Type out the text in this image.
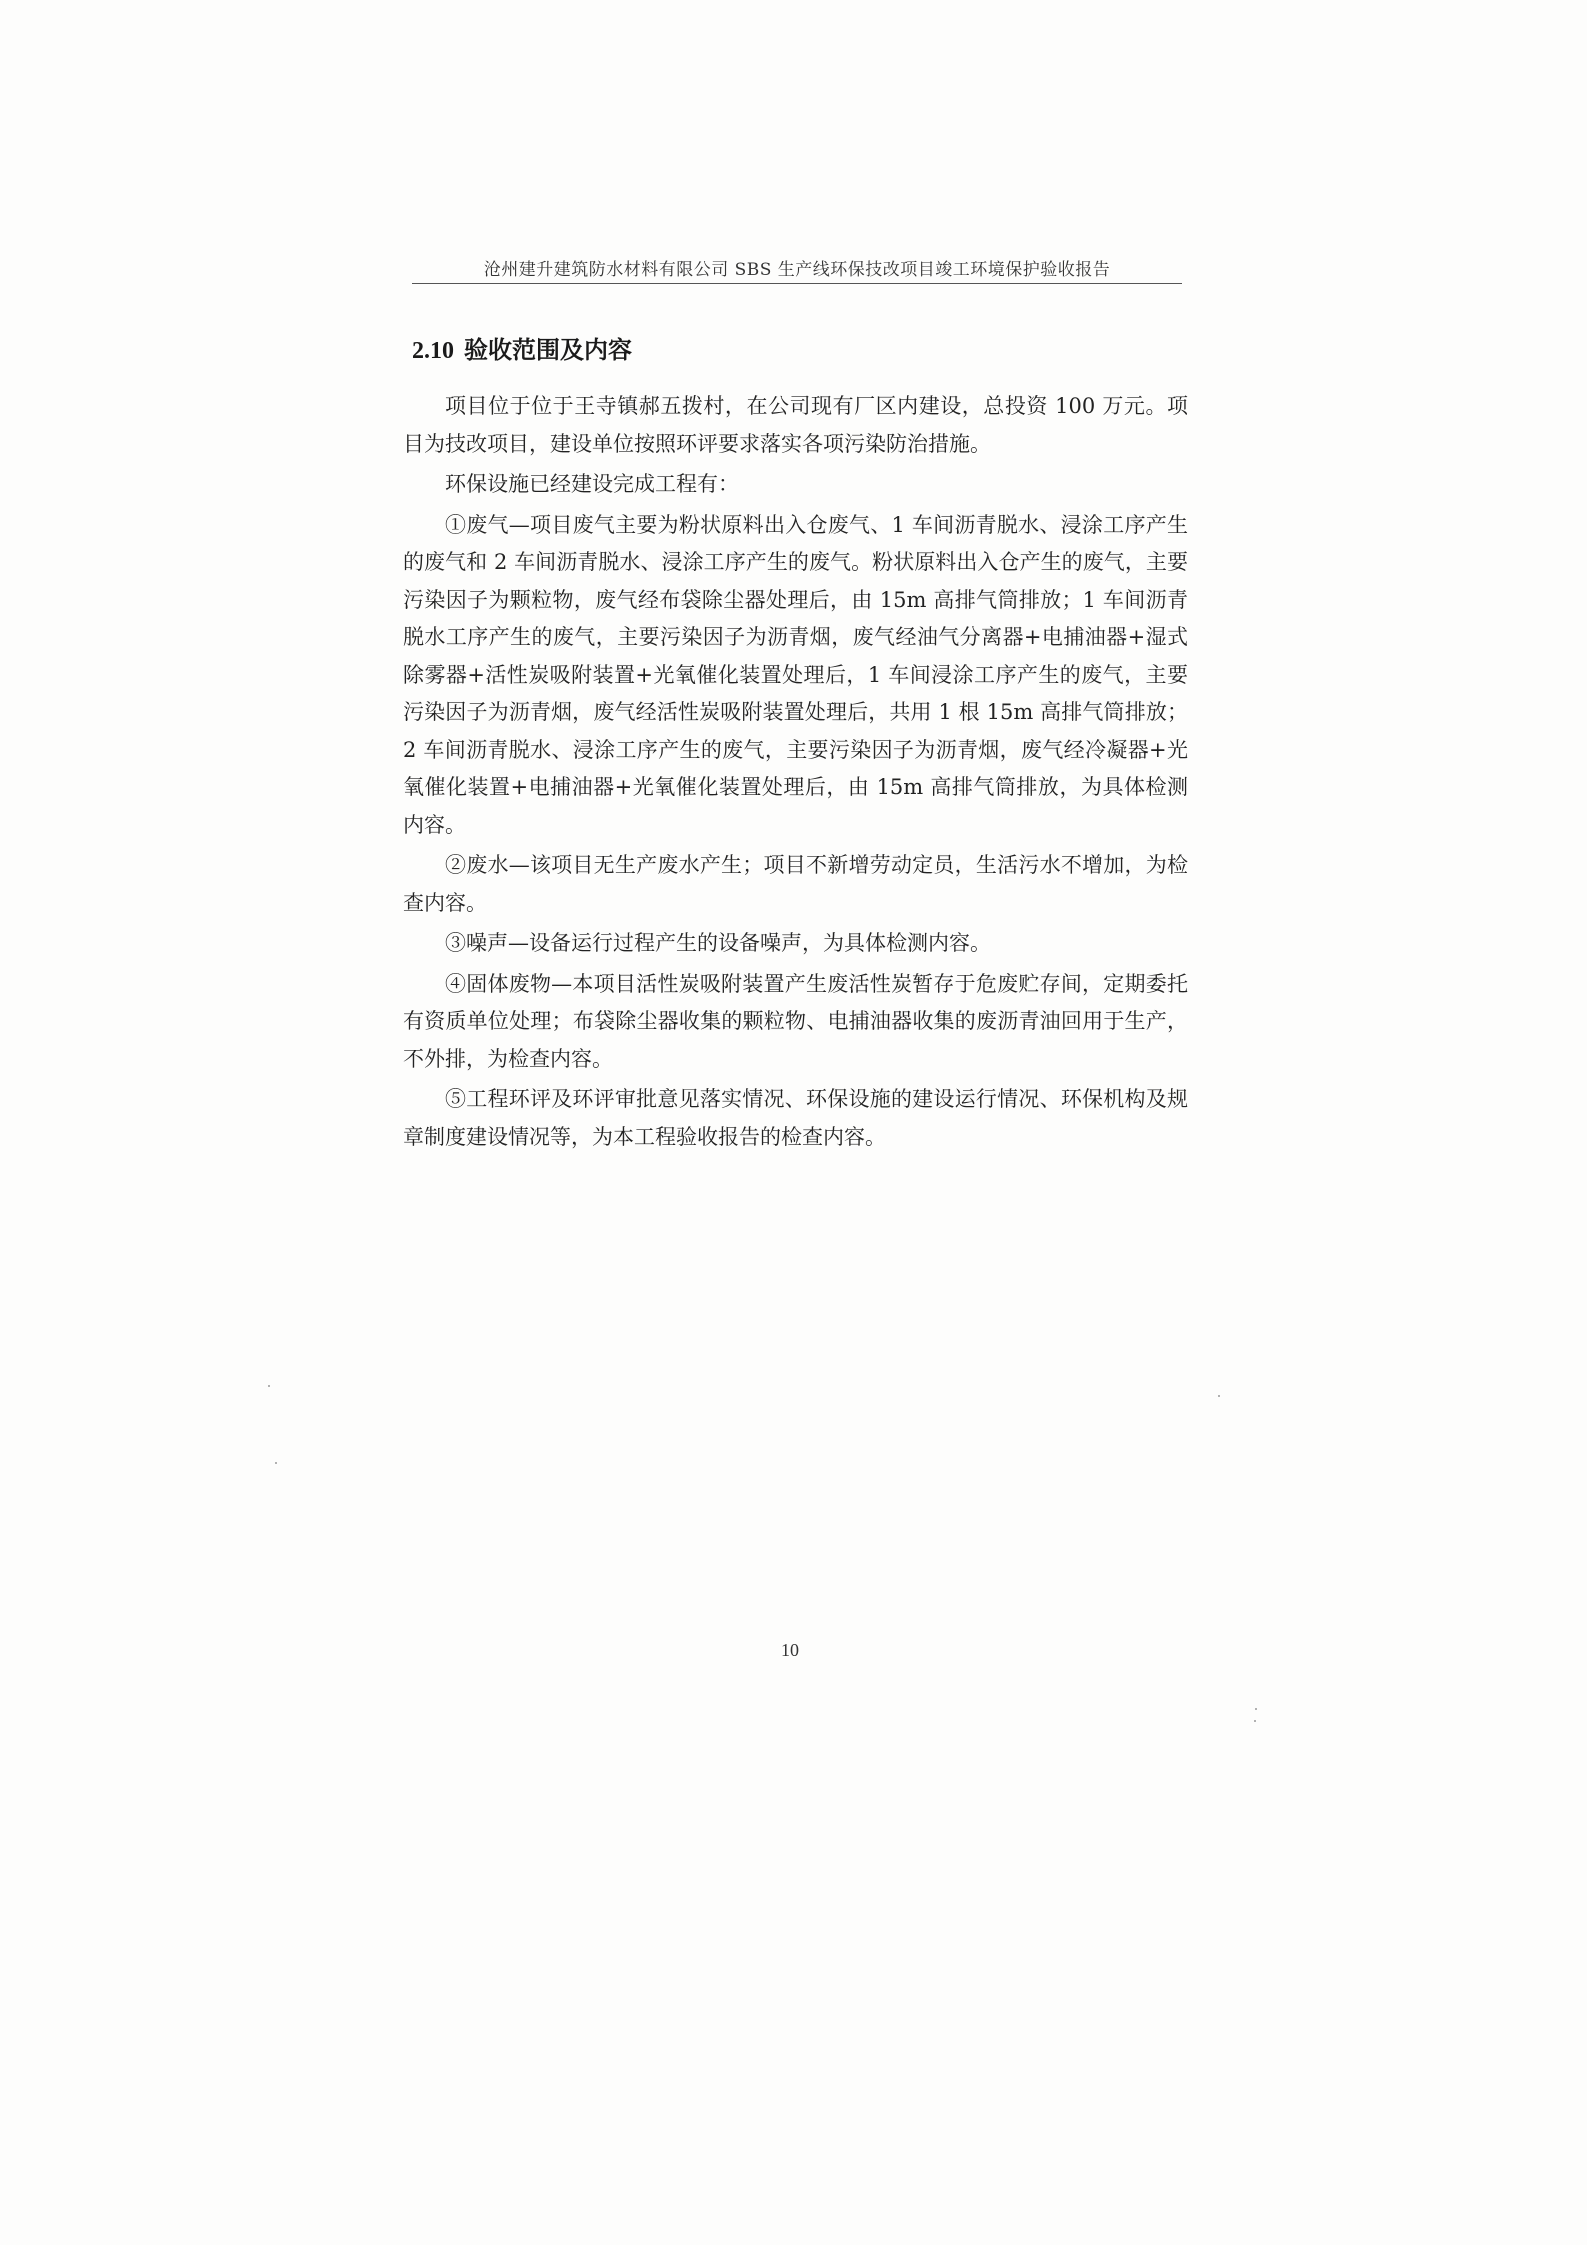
沧州建升建筑防水材料有限公司 SBS 生产线环保技改项目竣工环境保护验收报告
2.10 验收范围及内容

项目位于位于王寺镇郝五拨村，在公司现有厂区内建设，总投资 100 万元。项目为技改项目，建设单位按照环评要求落实各项污染防治措施。

环保设施已经建设完成工程有：

①废气—项目废气主要为粉状原料出入仓废气、1 车间沥青脱水、浸涂工序产生的废气和 2 车间沥青脱水、浸涂工序产生的废气。粉状原料出入仓产生的废气，主要污染因子为颗粒物，废气经布袋除尘器处理后，由 15m 高排气筒排放；1 车间沥青脱水工序产生的废气，主要污染因子为沥青烟，废气经油气分离器+电捕油器+湿式除雾器+活性炭吸附装置+光氧催化装置处理后，1 车间浸涂工序产生的废气，主要污染因子为沥青烟，废气经活性炭吸附装置处理后，共用 1 根 15m 高排气筒排放；2 车间沥青脱水、浸涂工序产生的废气，主要污染因子为沥青烟，废气经冷凝器+光氧催化装置+电捕油器+光氧催化装置处理后，由 15m 高排气筒排放，为具体检测内容。

②废水—该项目无生产废水产生；项目不新增劳动定员，生活污水不增加，为检查内容。

③噪声—设备运行过程产生的设备噪声，为具体检测内容。

④固体废物—本项目活性炭吸附装置产生废活性炭暂存于危废贮存间，定期委托有资质单位处理；布袋除尘器收集的颗粒物、电捕油器收集的废沥青油回用于生产，不外排，为检查内容。

⑤工程环评及环评审批意见落实情况、环保设施的建设运行情况、环保机构及规章制度建设情况等，为本工程验收报告的检查内容。

10
